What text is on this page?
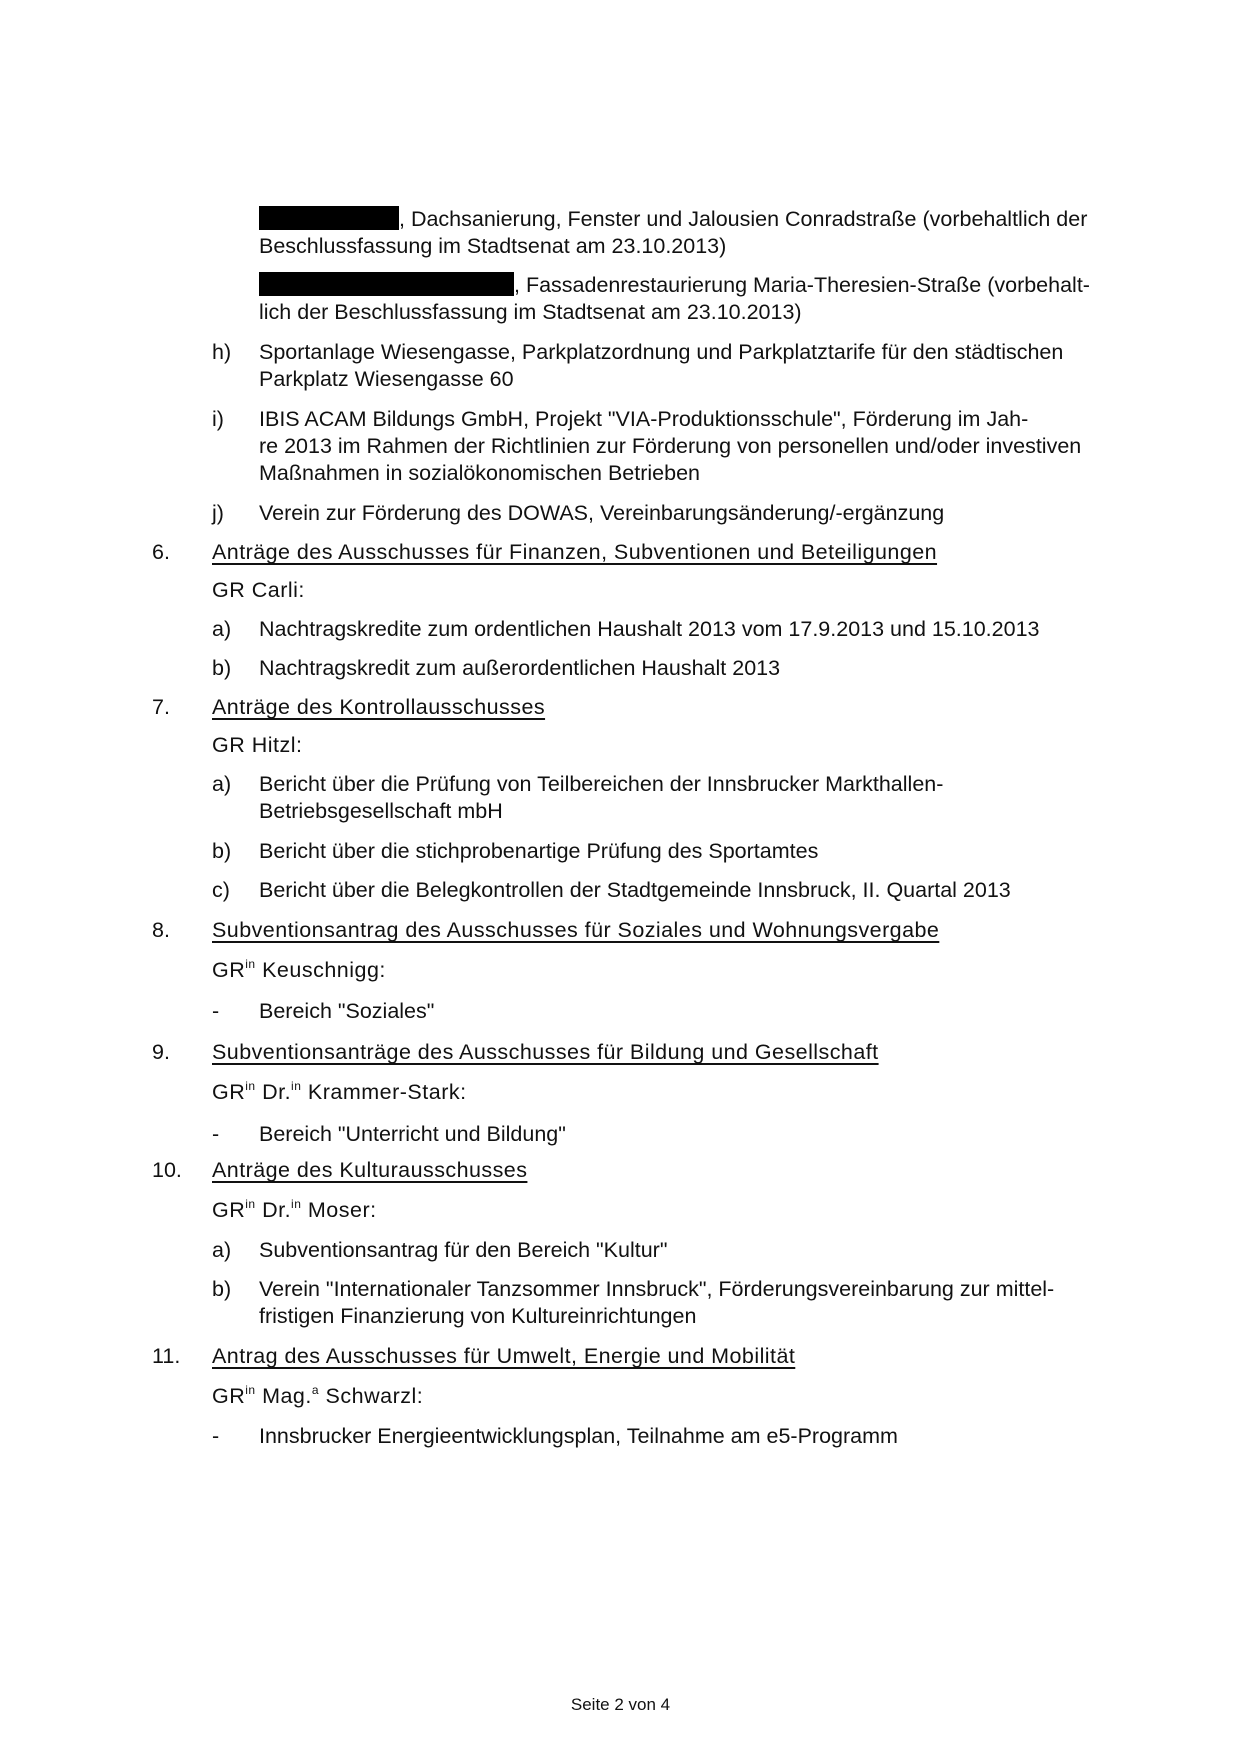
, Dachsanierung, Fenster und Jalousien Conradstraße (vorbehaltlich der
Beschlussfassung im Stadtsenat am 23.10.2013)
, Fassadenrestaurierung Maria-Theresien-Straße (vorbehalt-
lich der Beschlussfassung im Stadtsenat am 23.10.2013)
h) Sportanlage Wiesengasse, Parkplatzordnung und Parkplatztarife für den städtischen
Parkplatz Wiesengasse 60
i) IBIS ACAM Bildungs GmbH, Projekt "VIA-Produktionsschule", Förderung im Jah-
re 2013 im Rahmen der Richtlinien zur Förderung von personellen und/oder investiven
Maßnahmen in sozialökonomischen Betrieben
j) Verein zur Förderung des DOWAS, Vereinbarungsänderung/-ergänzung
6. Anträge des Ausschusses für Finanzen, Subventionen und Beteiligungen
GR Carli:
a) Nachtragskredite zum ordentlichen Haushalt 2013 vom 17.9.2013 und 15.10.2013
b) Nachtragskredit zum außerordentlichen Haushalt 2013
7. Anträge des Kontrollausschusses
GR Hitzl:
a) Bericht über die Prüfung von Teilbereichen der Innsbrucker Markthallen-
Betriebsgesellschaft mbH
b) Bericht über die stichprobenartige Prüfung des Sportamtes
c) Bericht über die Belegkontrollen der Stadtgemeinde Innsbruck, II. Quartal 2013
8. Subventionsantrag des Ausschusses für Soziales und Wohnungsvergabe
$GR^{in}$ Keuschnigg:
- Bereich "Soziales"
9. Subventionsanträge des Ausschusses für Bildung und Gesellschaft
$GR^{in}$ Dr.$^{in}$ Krammer-Stark:
- Bereich "Unterricht und Bildung"
10. Anträge des Kulturausschusses
$GR^{in}$ Dr.$^{in}$ Moser:
a) Subventionsantrag für den Bereich "Kultur"
b) Verein "Internationaler Tanzsommer Innsbruck", Förderungsvereinbarung zur mittel-
fristigen Finanzierung von Kultureinrichtungen
11. Antrag des Ausschusses für Umwelt, Energie und Mobilität
$GR^{in}$ Mag.$^a$ Schwarzl:
- Innsbrucker Energieentwicklungsplan, Teilnahme am e5-Programm
Seite 2 von 4
